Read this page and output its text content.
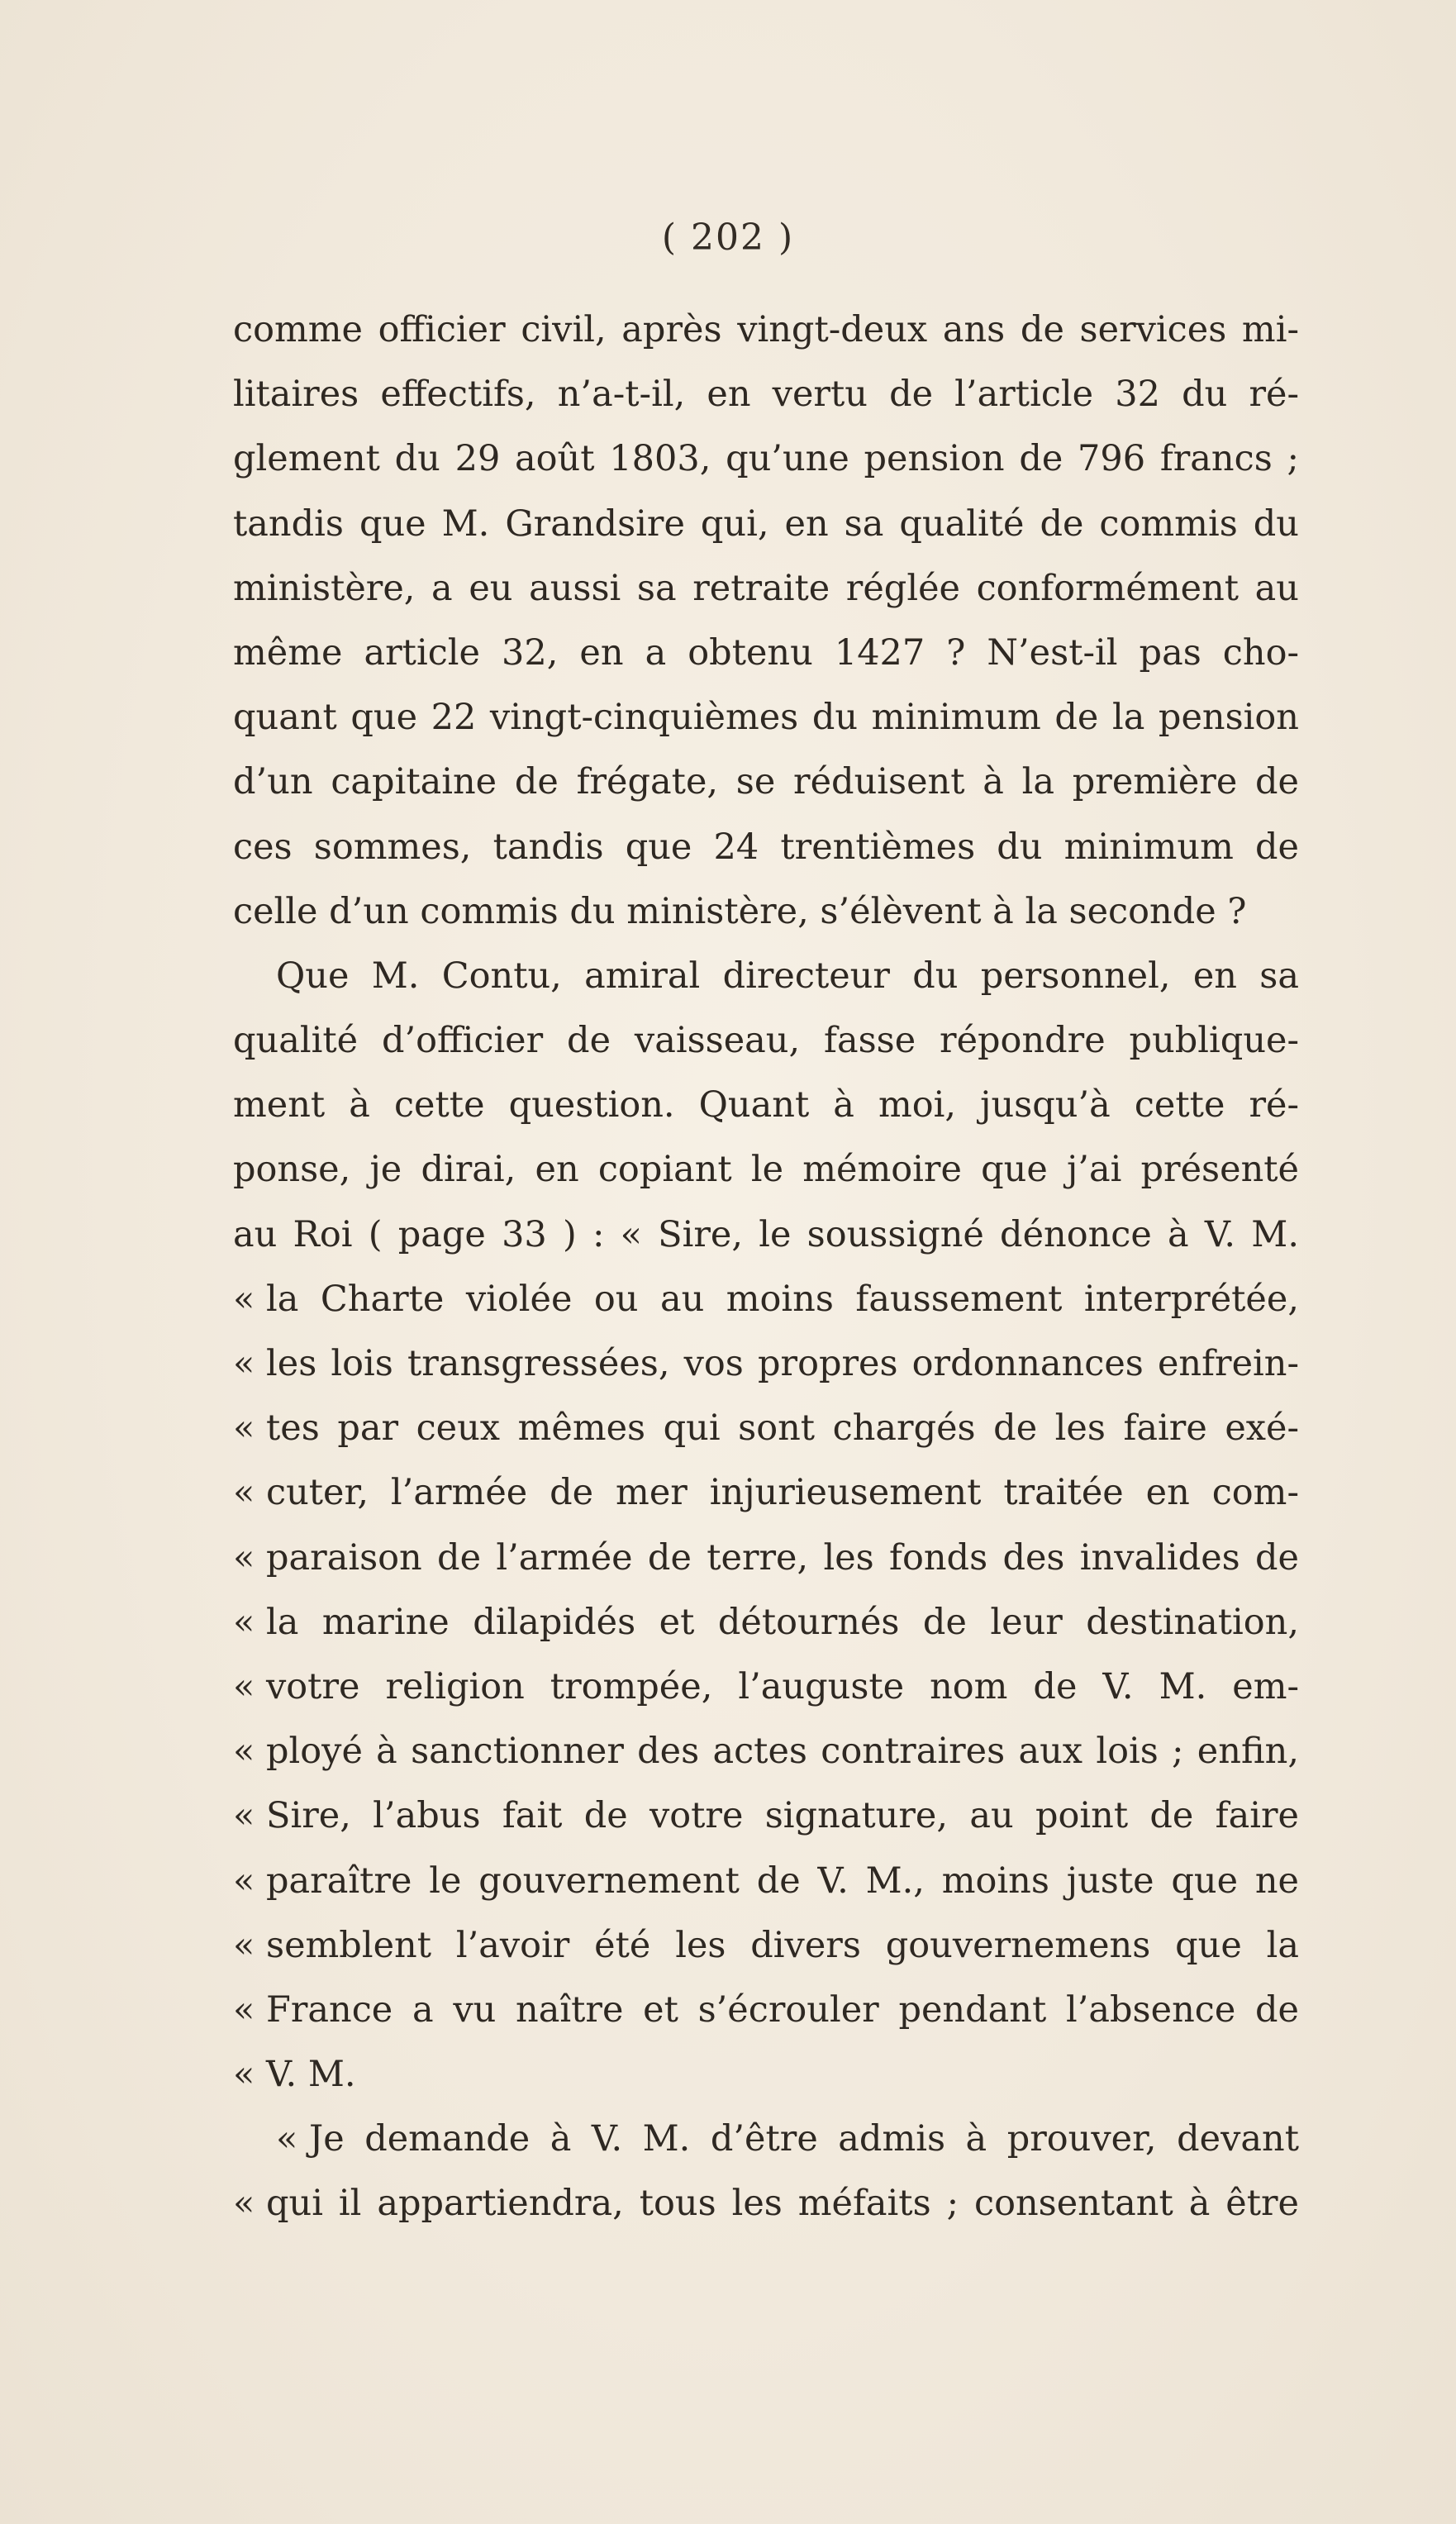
( 202 )
comme officier civil, après vingt-deux ans de services mi-
litaires effectifs, n’a-t-il, en vertu de l’article 32 du ré-
glement du 29 août 1803, qu’une pension de 796 francs ;
tandis que M. Grandsire qui, en sa qualité de commis du
ministère, a eu aussi sa retraite réglée conformément au
même article 32, en a obtenu 1427 ? N’est-il pas cho-
quant que 22 vingt-cinquièmes du minimum de la pension
d’un capitaine de frégate, se réduisent à la première de
ces sommes, tandis que 24 trentièmes du minimum de
celle d’un commis du ministère, s’élèvent à la seconde ?
Que M. Contu, amiral directeur du personnel, en sa
qualité d’officier de vaisseau, fasse répondre publique-
ment à cette question. Quant à moi, jusqu’à cette ré-
ponse, je dirai, en copiant le mémoire que j’ai présenté
au Roi ( page 33 ) : « Sire, le soussigné dénonce à V. M.
« la Charte violée ou au moins faussement interprétée,
« les lois transgressées, vos propres ordonnances enfrein-
« tes par ceux mêmes qui sont chargés de les faire exé-
« cuter, l’armée de mer injurieusement traitée en com-
« paraison de l’armée de terre, les fonds des invalides de
« la marine dilapidés et détournés de leur destination,
« votre religion trompée, l’auguste nom de V. M. em-
« ployé à sanctionner des actes contraires aux lois ; enfin,
« Sire, l’abus fait de votre signature, au point de faire
« paraître le gouvernement de V. M., moins juste que ne
« semblent l’avoir été les divers gouvernemens que la
« France a vu naître et s’écrouler pendant l’absence de
« V. M.
« Je demande à V. M. d’être admis à prouver, devant
« qui il appartiendra, tous les méfaits ; consentant à être
